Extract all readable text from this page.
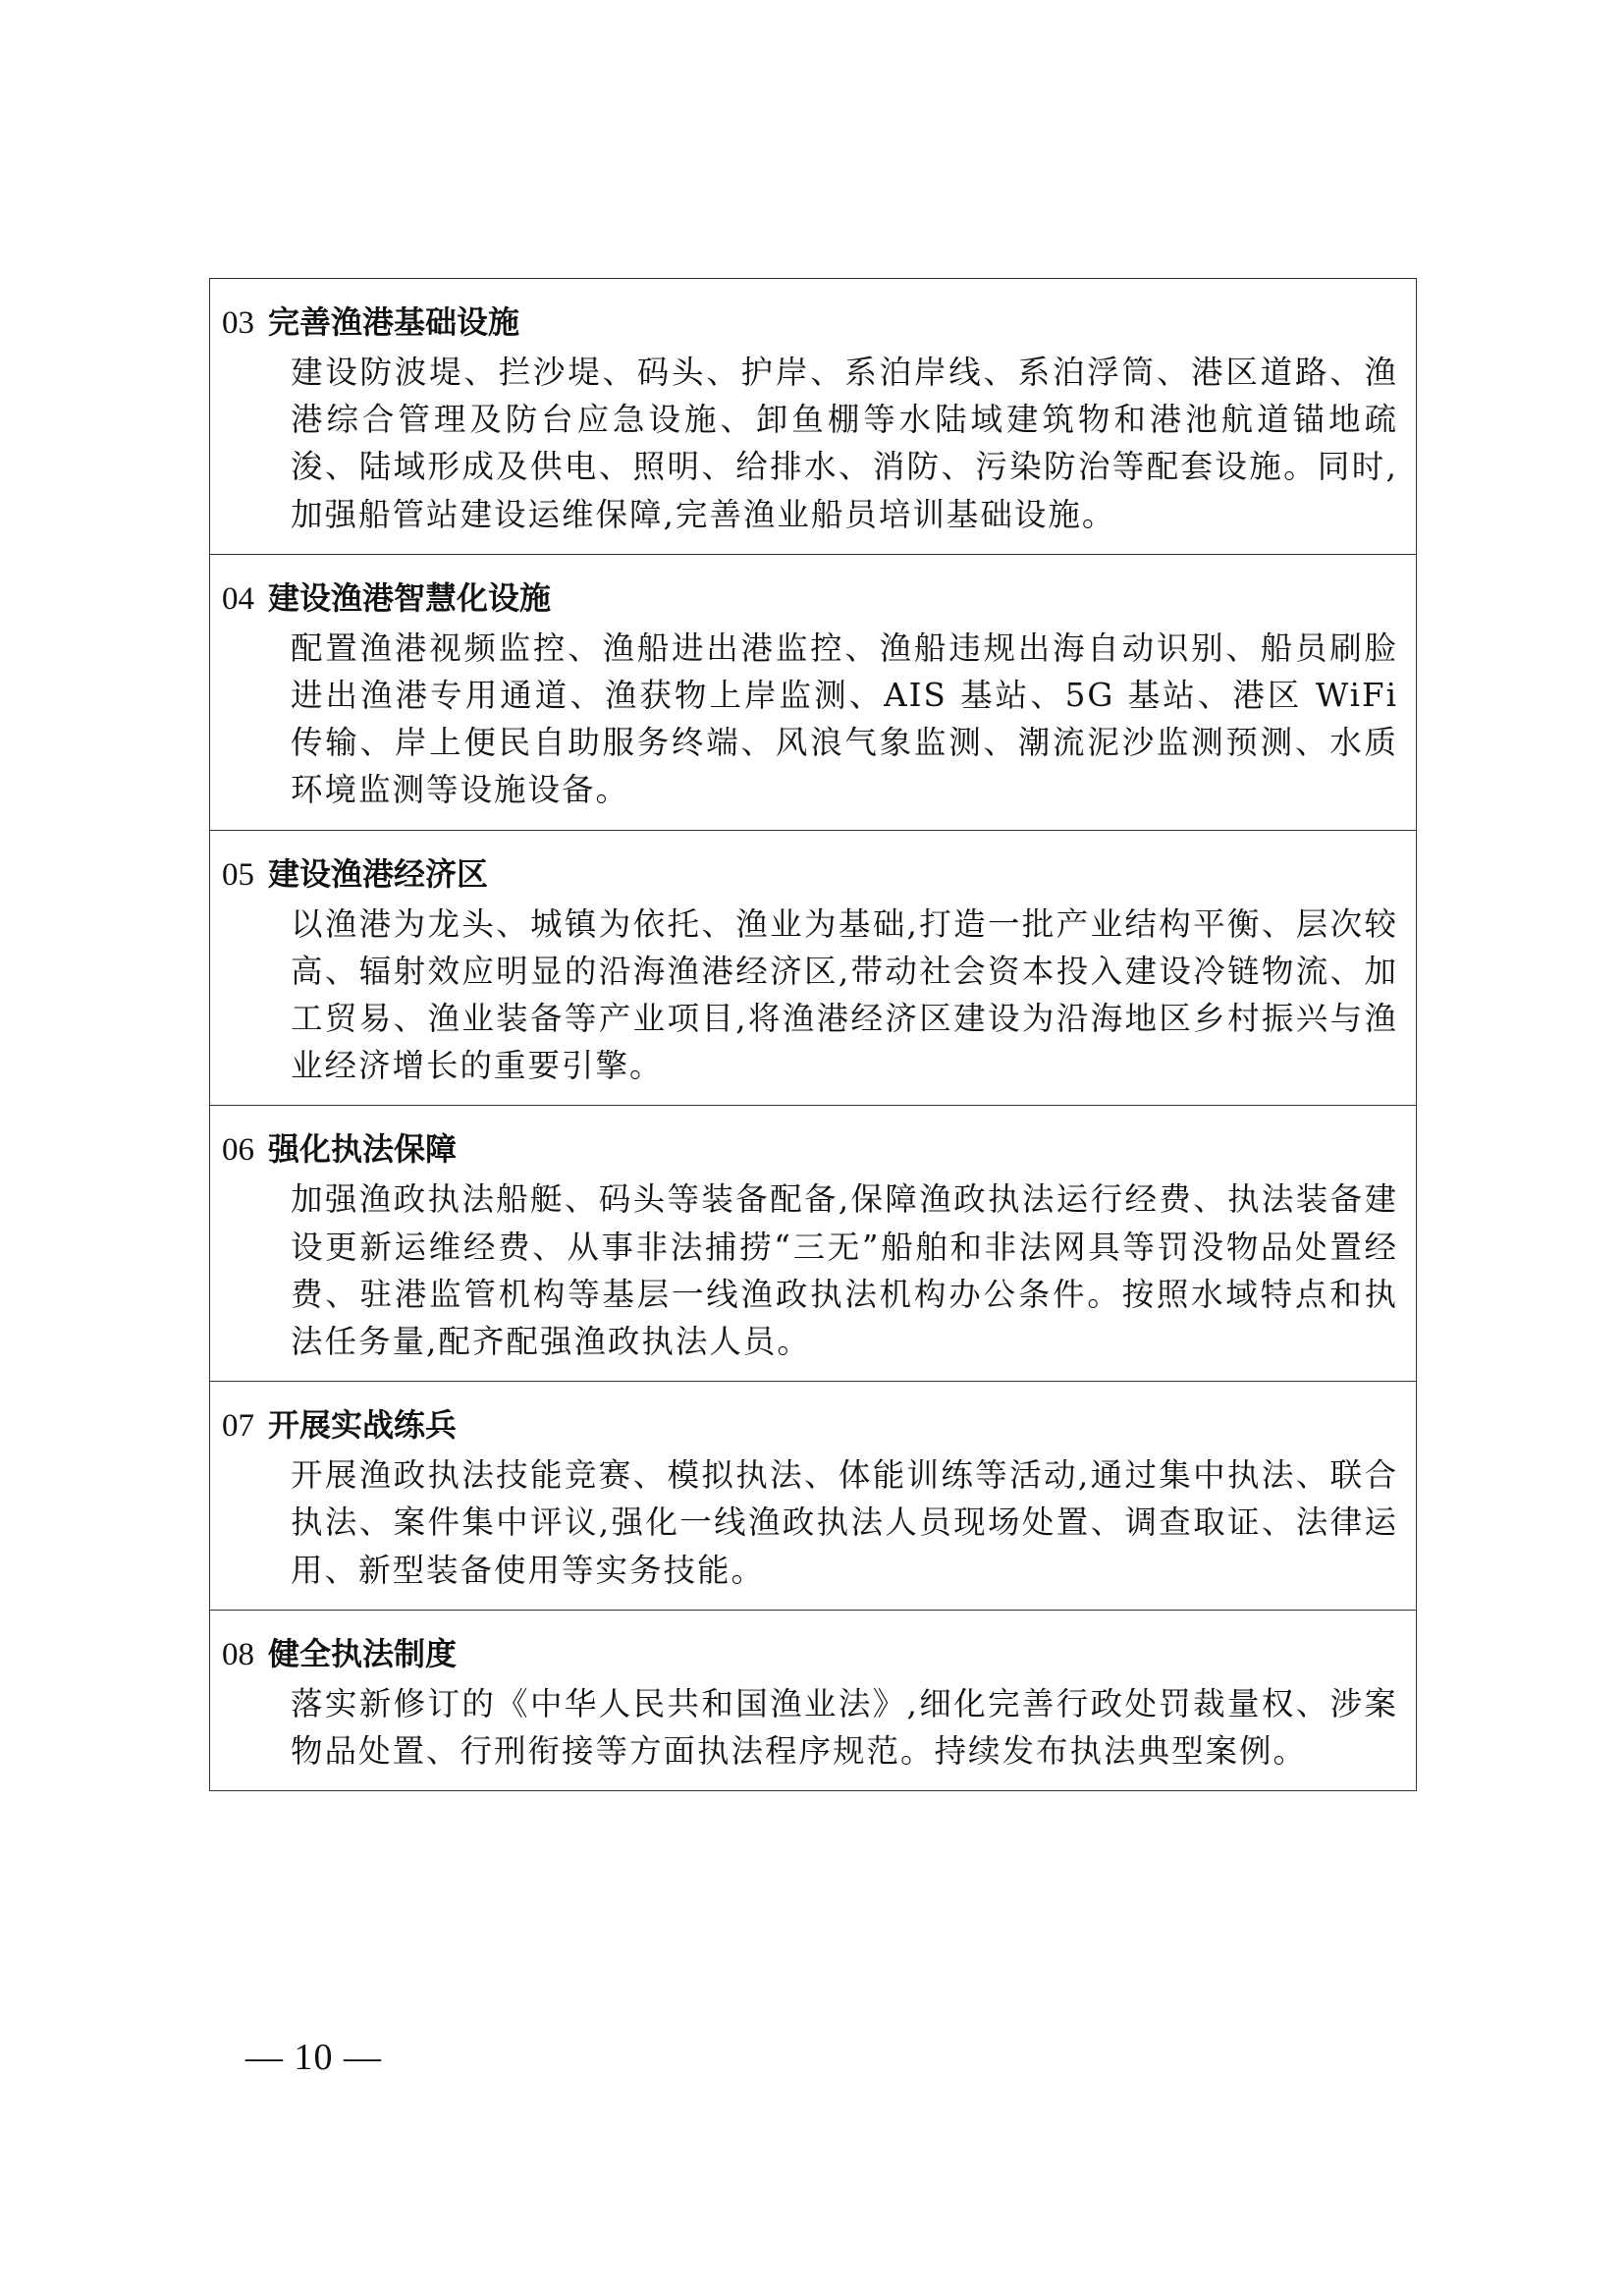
03 完善渔港基础设施
建设防波堤、拦沙堤、码头、护岸、系泊岸线、系泊浮筒、港区道路、渔港综合管理及防台应急设施、卸鱼棚等水陆域建筑物和港池航道锚地疏浚、陆域形成及供电、照明、给排水、消防、污染防治等配套设施。同时,加强船管站建设运维保障,完善渔业船员培训基础设施。
04 建设渔港智慧化设施
配置渔港视频监控、渔船进出港监控、渔船违规出海自动识别、船员刷脸进出渔港专用通道、渔获物上岸监测、AIS 基站、5G 基站、港区 WiFi 传输、岸上便民自助服务终端、风浪气象监测、潮流泥沙监测预测、水质环境监测等设施设备。
05 建设渔港经济区
以渔港为龙头、城镇为依托、渔业为基础,打造一批产业结构平衡、层次较高、辐射效应明显的沿海渔港经济区,带动社会资本投入建设冷链物流、加工贸易、渔业装备等产业项目,将渔港经济区建设为沿海地区乡村振兴与渔业经济增长的重要引擎。
06 强化执法保障
加强渔政执法船艇、码头等装备配备,保障渔政执法运行经费、执法装备建设更新运维经费、从事非法捕捞“三无”船舶和非法网具等罚没物品处置经费、驻港监管机构等基层一线渔政执法机构办公条件。按照水域特点和执法任务量,配齐配强渔政执法人员。
07 开展实战练兵
开展渔政执法技能竞赛、模拟执法、体能训练等活动,通过集中执法、联合执法、案件集中评议,强化一线渔政执法人员现场处置、调查取证、法律运用、新型装备使用等实务技能。
08 健全执法制度
落实新修订的《中华人民共和国渔业法》,细化完善行政处罚裁量权、涉案物品处置、行刑衔接等方面执法程序规范。持续发布执法典型案例。
— 10 —
